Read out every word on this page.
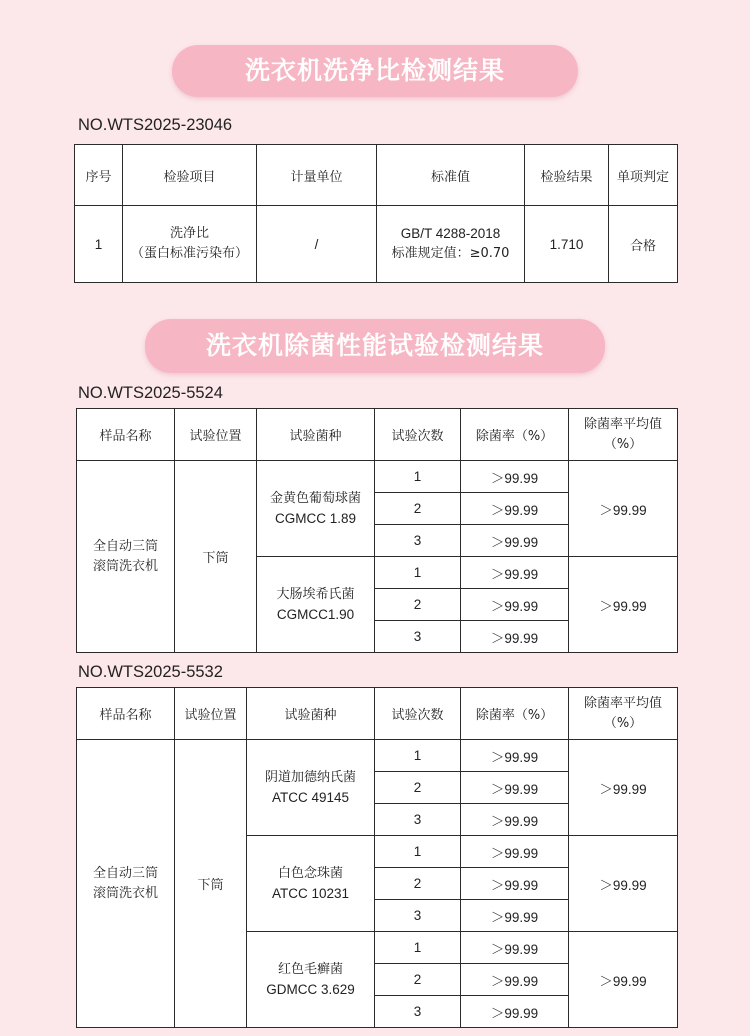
洗衣机洗净比检测结果
NO.WTS2025-23046
序号	检验项目	计量单位	标准值	检验结果	单项判定
1	洗净比
（蛋白标准污染布）	/	GB/T 4288-2018
标准规定值：≥0.70	1.710	合格
洗衣机除菌性能试验检测结果
NO.WTS2025-5524
样品名称	试验位置	试验菌种	试验次数	除菌率（%）	除菌率平均值
（%）

全自动三筒
滚筒洗衣机	下筒	金黄色葡萄球菌
CGMCC 1.89	1	＞99.99	＞99.99
			2	＞99.99	
			3	＞99.99	

		大肠埃希氏菌
CGMCC1.90	1	＞99.99	＞99.99
			2	＞99.99	
			3	＞99.99	
NO.WTS2025-5532
样品名称	试验位置	试验菌种	试验次数	除菌率（%）	除菌率平均值
（%）

全自动三筒
滚筒洗衣机	下筒	阴道加德纳氏菌
ATCC 49145	1	＞99.99	＞99.99
			2	＞99.99	
			3	＞99.99	

		白色念珠菌
ATCC 10231	1	＞99.99	＞99.99
			2	＞99.99	
			3	＞99.99	

		红色毛癣菌
GDMCC 3.629	1	＞99.99	＞99.99
			2	＞99.99	
			3	＞99.99	
